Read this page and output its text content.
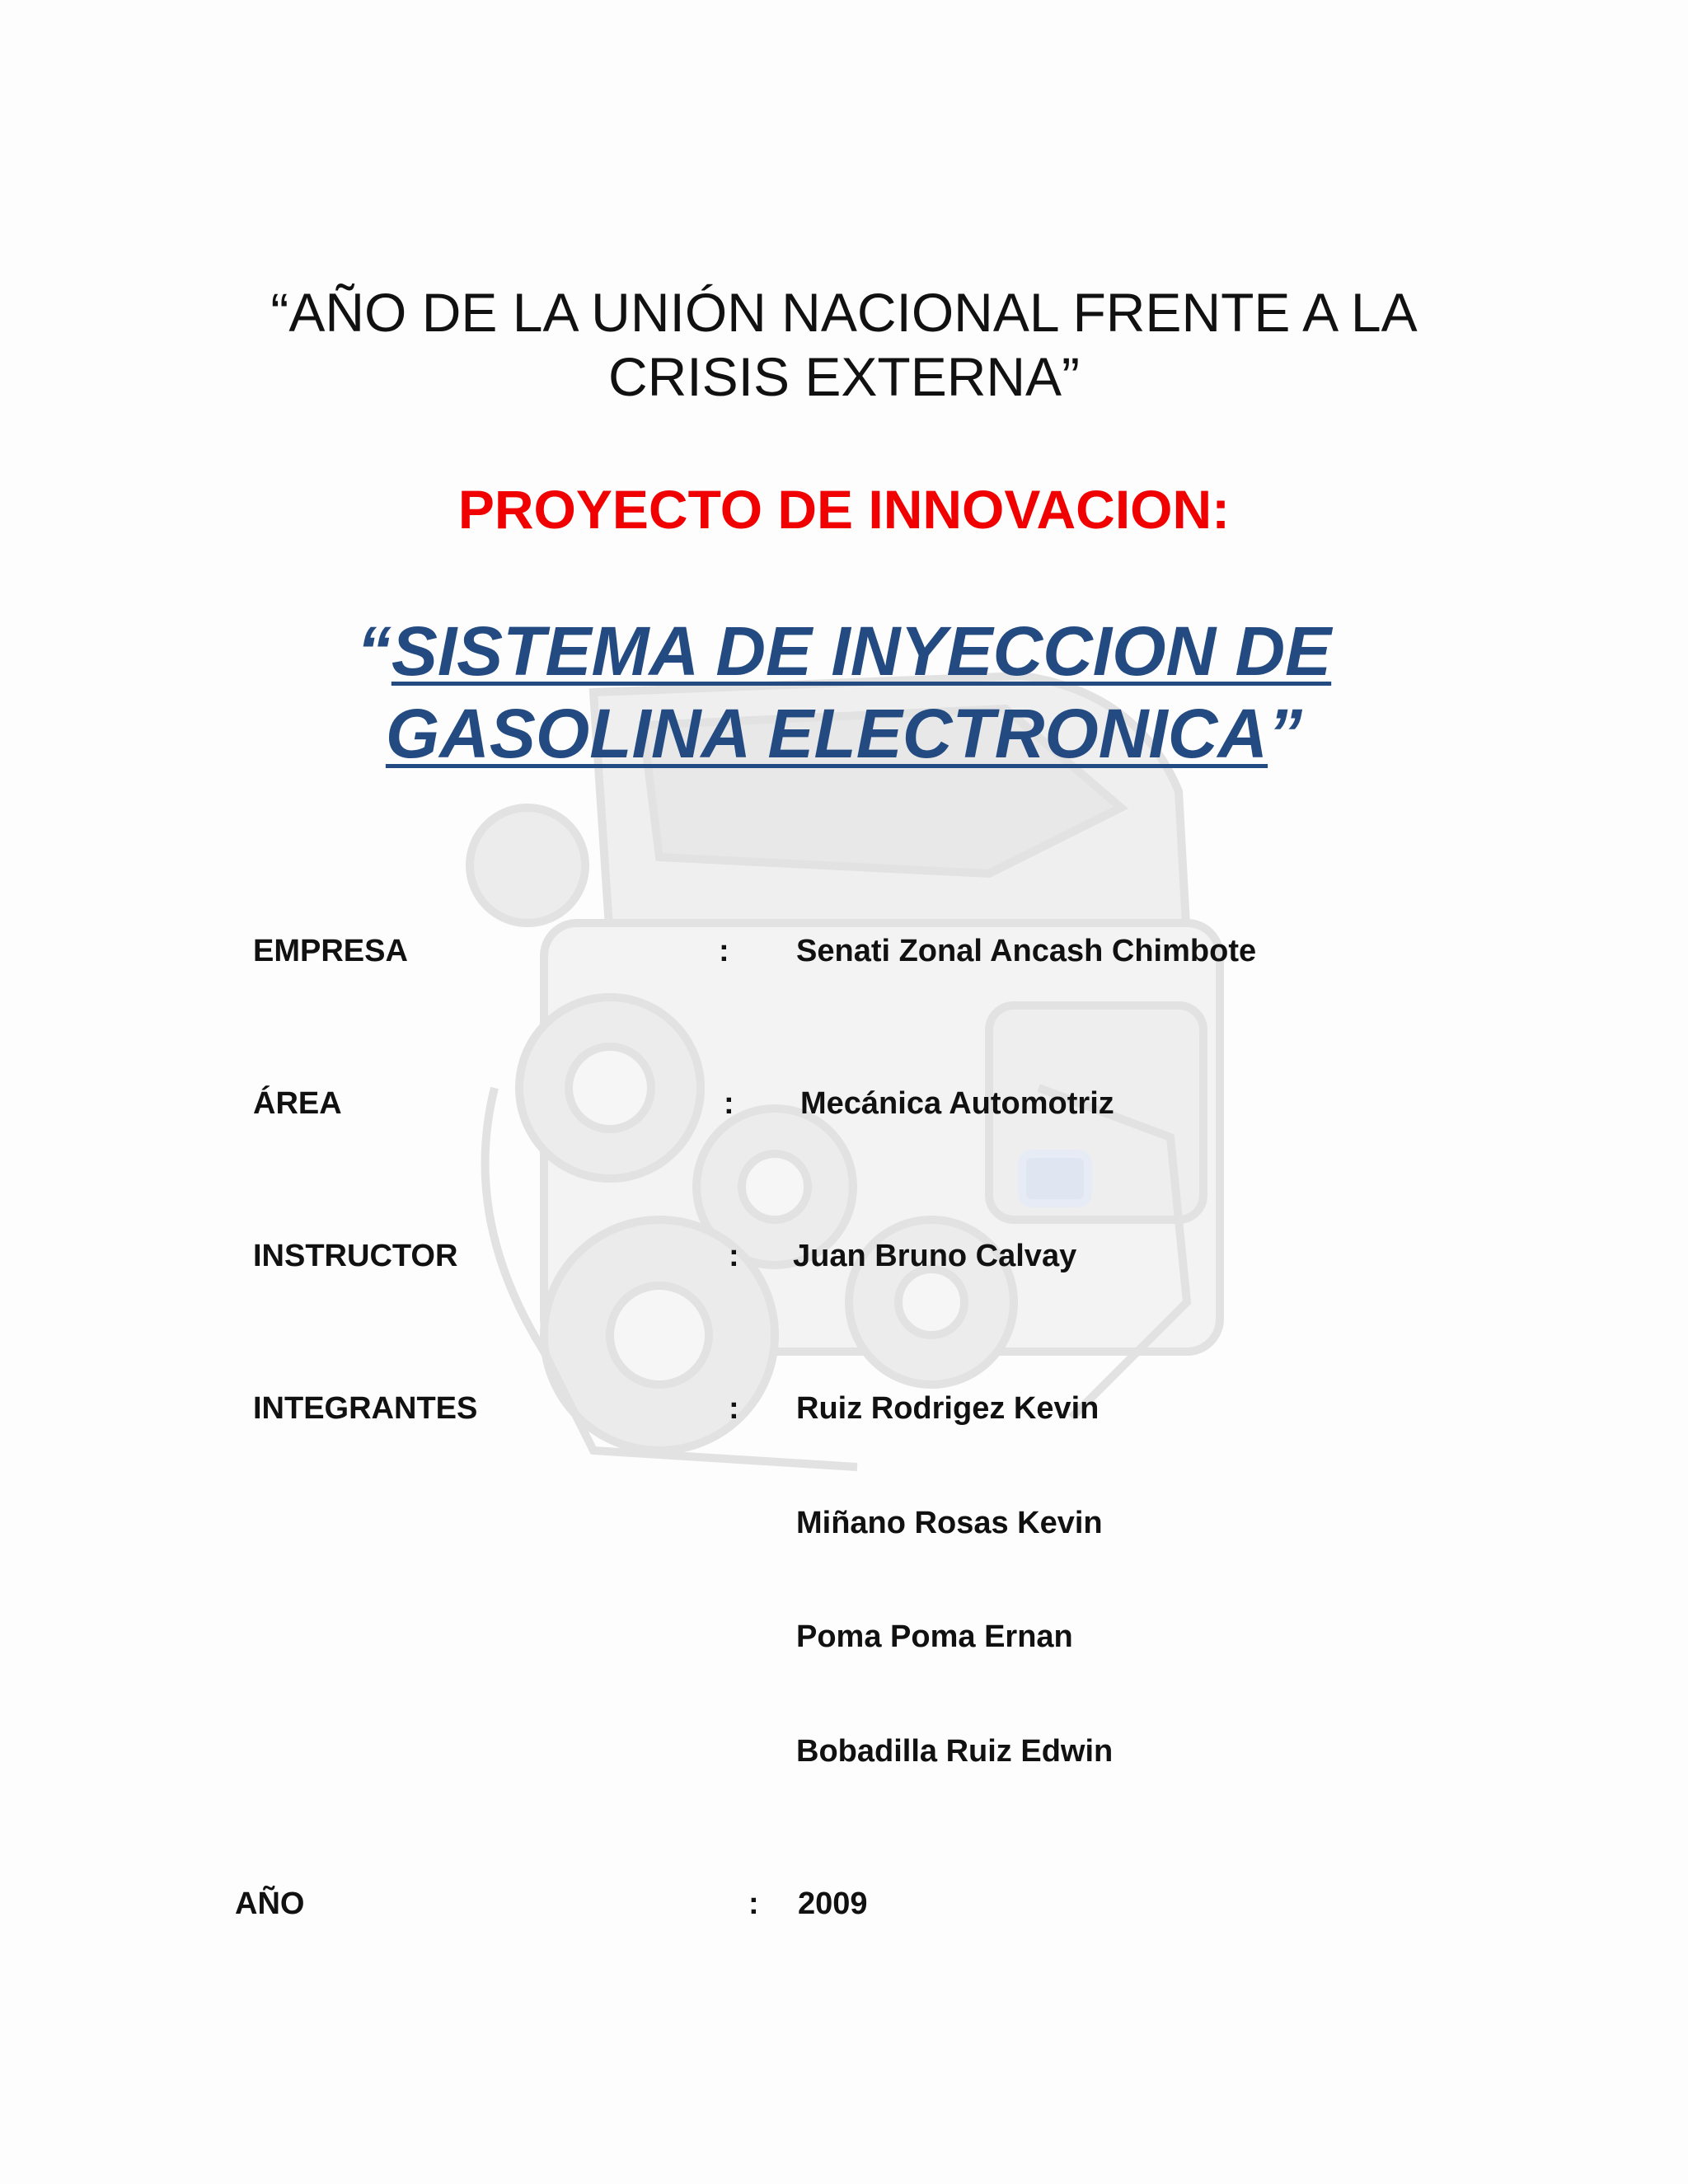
“AÑO DE LA UNIÓN NACIONAL FRENTE A LA
CRISIS EXTERNA”
PROYECTO DE INNOVACION:
“SISTEMA DE INYECCION DE
GASOLINA ELECTRONICA”
EMPRESA	: Senati Zonal Ancash Chimbote
ÁREA	: Mecánica Automotriz
INSTRUCTOR	: Juan Bruno Calvay
INTEGRANTES	: Ruiz Rodrigez Kevin
Miñano Rosas Kevin
Poma Poma Ernan
Bobadilla Ruiz Edwin
AÑO	: 2009
